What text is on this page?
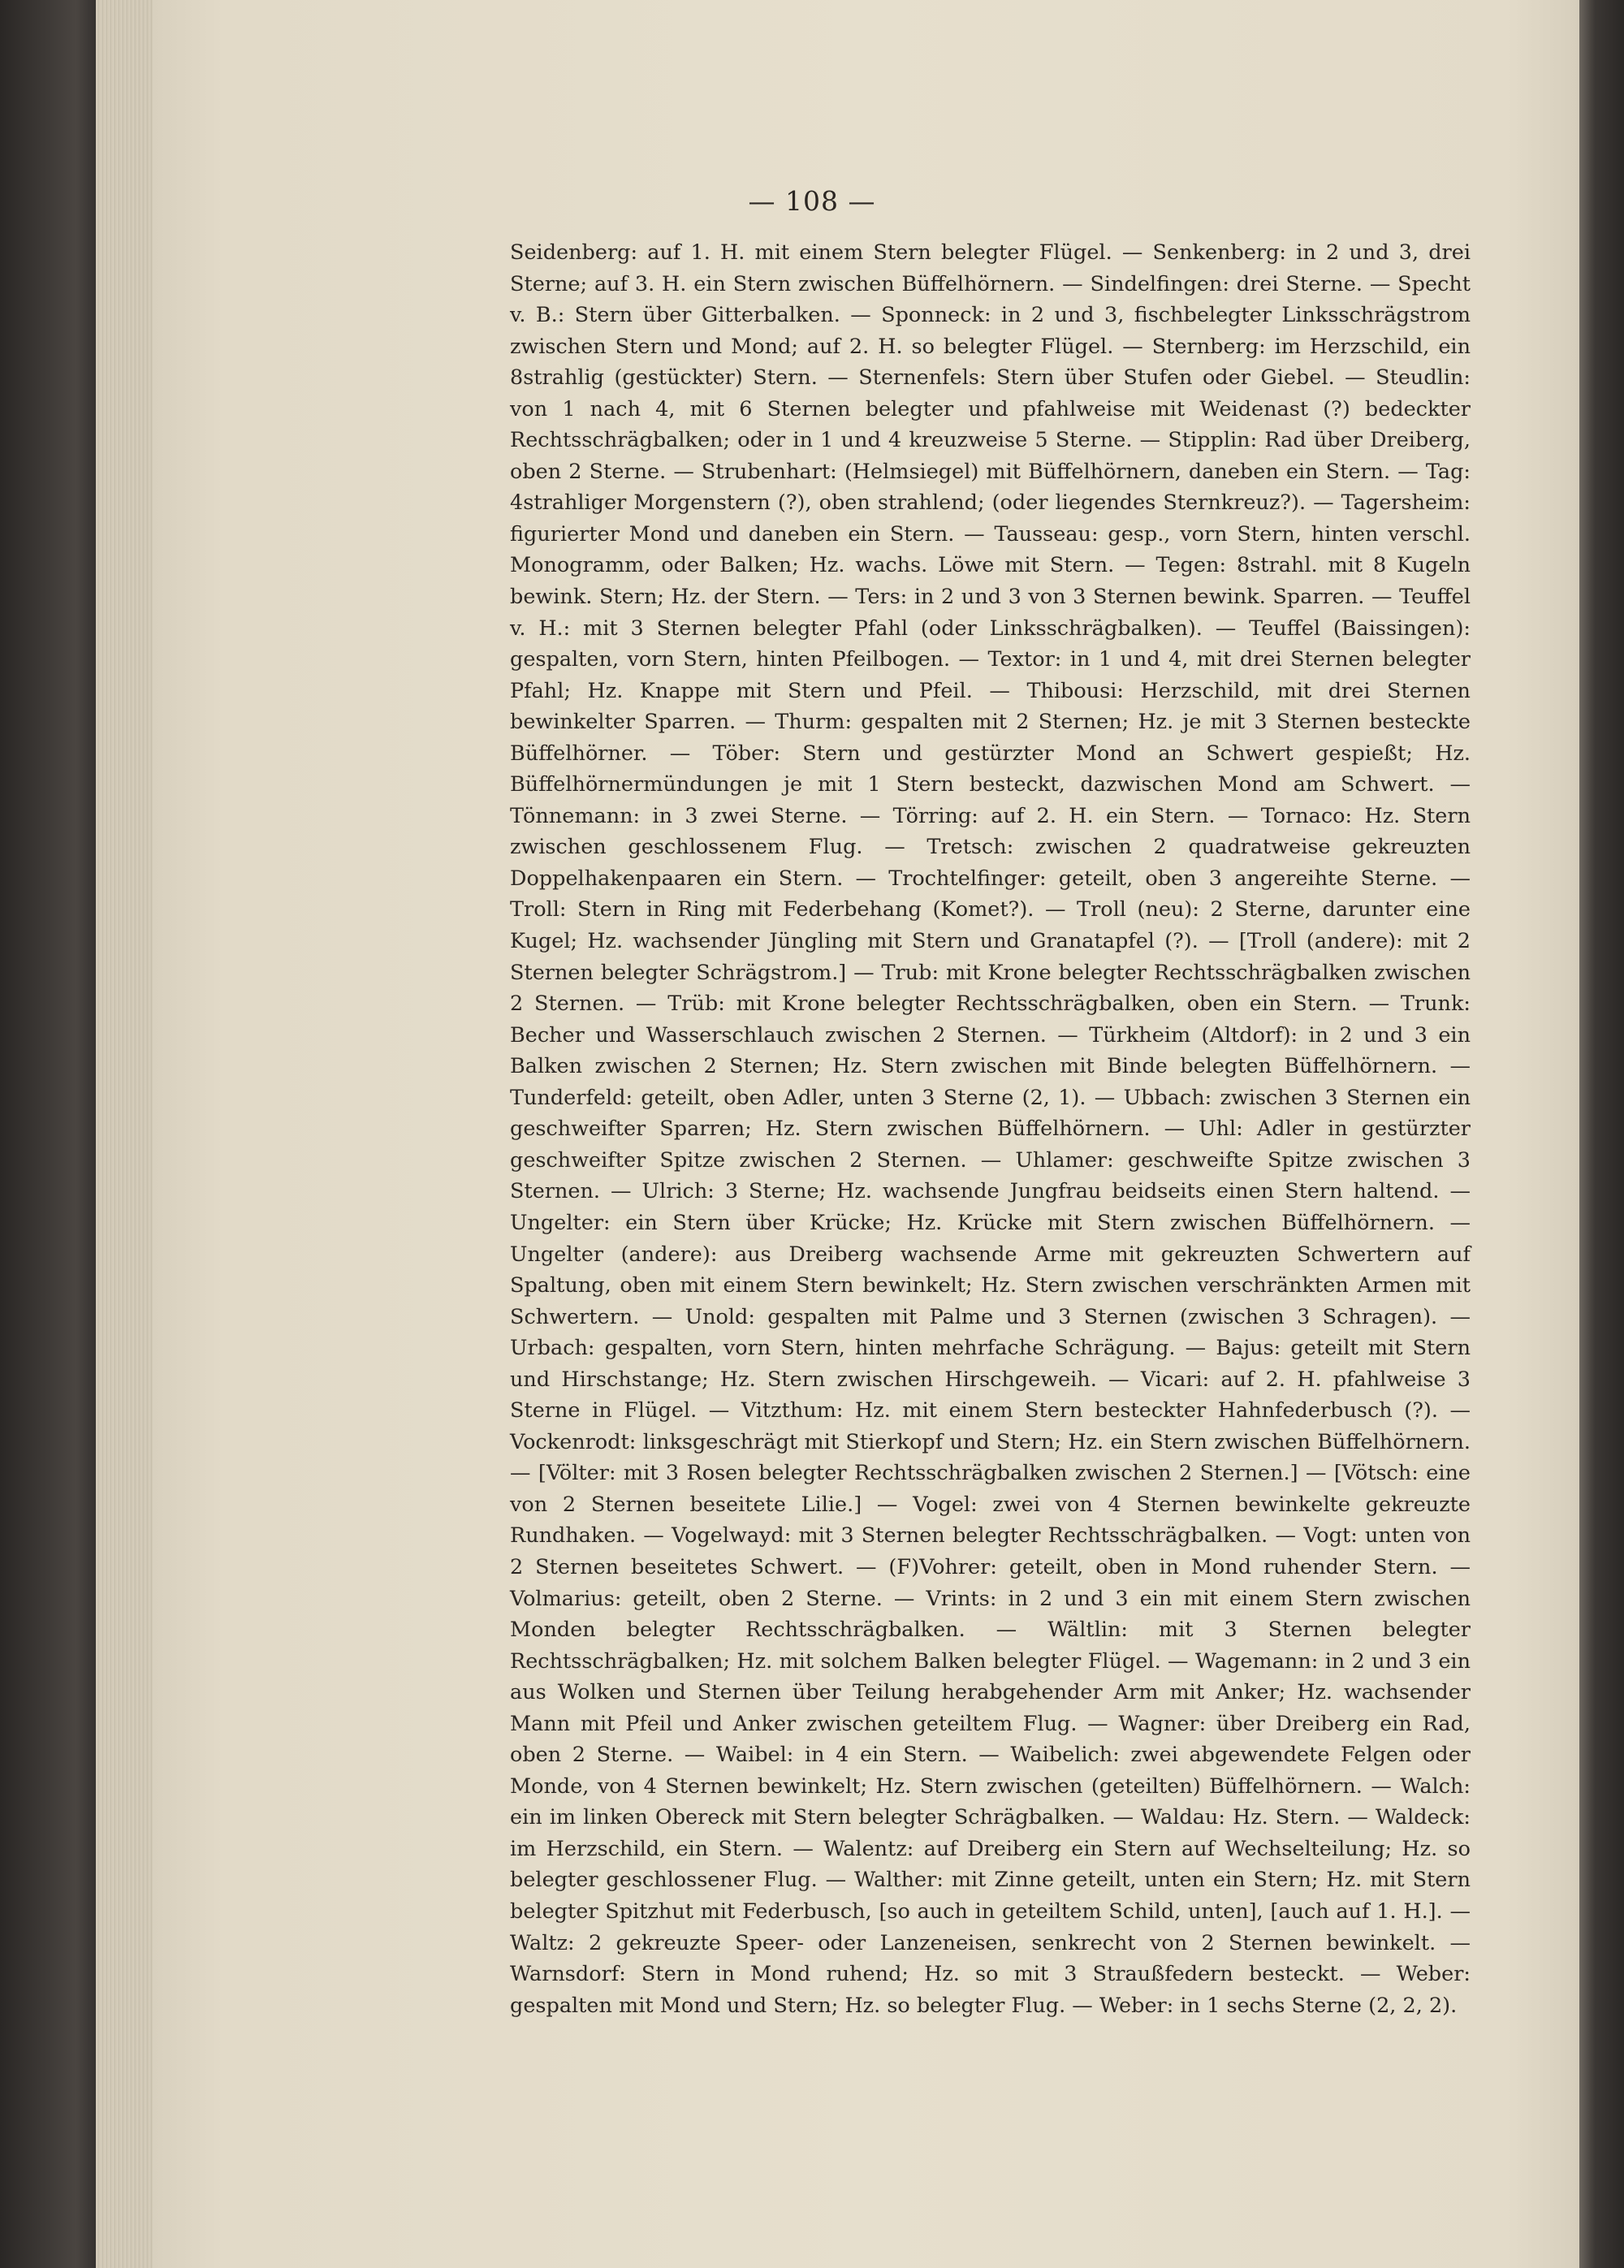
— 108 —

Seidenberg: auf 1. H. mit einem Stern belegter Flügel. — Senkenberg: in 2 und 3, drei Sterne; auf 3. H. ein Stern zwischen Büffelhörnern. — Sindelfingen: drei Sterne. — Specht v. B.: Stern über Gitterbalken. — Sponneck: in 2 und 3, fischbelegter Linksschrägstrom zwischen Stern und Mond; auf 2. H. so belegter Flügel. — Sternberg: im Herzschild, ein 8strahlig (gestückter) Stern. — Sternenfels: Stern über Stufen oder Giebel. — Steudlin: von 1 nach 4, mit 6 Sternen belegter und pfahlweise mit Weidenast (?) bedeckter Rechtsschrägbalken; oder in 1 und 4 kreuzweise 5 Sterne. — Stipplin: Rad über Dreiberg, oben 2 Sterne. — Strubenhart: (Helmsiegel) mit Büffelhörnern, daneben ein Stern. — Tag: 4strahliger Morgenstern (?), oben strahlend; (oder liegendes Sternkreuz?). — Tagersheim: figurierter Mond und daneben ein Stern. — Tausseau: gesp., vorn Stern, hinten verschl. Monogramm, oder Balken; Hz. wachs. Löwe mit Stern. — Tegen: 8strahl. mit 8 Kugeln bewink. Stern; Hz. der Stern. — Ters: in 2 und 3 von 3 Sternen bewink. Sparren. — Teuffel v. H.: mit 3 Sternen belegter Pfahl (oder Linksschrägbalken). — Teuffel (Baissingen): gespalten, vorn Stern, hinten Pfeilbogen. — Textor: in 1 und 4, mit drei Sternen belegter Pfahl; Hz. Knappe mit Stern und Pfeil. — Thibousi: Herzschild, mit drei Sternen bewinkelter Sparren. — Thurm: gespalten mit 2 Sternen; Hz. je mit 3 Sternen besteckte Büffelhörner. — Töber: Stern und gestürzter Mond an Schwert gespießt; Hz. Büffelhörnermündungen je mit 1 Stern besteckt, dazwischen Mond am Schwert. — Tönnemann: in 3 zwei Sterne. — Törring: auf 2. H. ein Stern. — Tornaco: Hz. Stern zwischen geschlossenem Flug. — Tretsch: zwischen 2 quadratweise gekreuzten Doppelhakenpaaren ein Stern. — Trochtelfinger: geteilt, oben 3 angereihte Sterne. — Troll: Stern in Ring mit Federbehang (Komet?). — Troll (neu): 2 Sterne, darunter eine Kugel; Hz. wachsender Jüngling mit Stern und Granatapfel (?). — [Troll (andere): mit 2 Sternen belegter Schrägstrom.] — Trub: mit Krone belegter Rechtsschrägbalken zwischen 2 Sternen. — Trüb: mit Krone belegter Rechtsschrägbalken, oben ein Stern. — Trunk: Becher und Wasserschlauch zwischen 2 Sternen. — Türkheim (Altdorf): in 2 und 3 ein Balken zwischen 2 Sternen; Hz. Stern zwischen mit Binde belegten Büffelhörnern. — Tunderfeld: geteilt, oben Adler, unten 3 Sterne (2, 1). — Ubbach: zwischen 3 Sternen ein geschweifter Sparren; Hz. Stern zwischen Büffelhörnern. — Uhl: Adler in gestürzter geschweifter Spitze zwischen 2 Sternen. — Uhlamer: geschweifte Spitze zwischen 3 Sternen. — Ulrich: 3 Sterne; Hz. wachsende Jungfrau beidseits einen Stern haltend. — Ungelter: ein Stern über Krücke; Hz. Krücke mit Stern zwischen Büffelhörnern. — Ungelter (andere): aus Dreiberg wachsende Arme mit gekreuzten Schwertern auf Spaltung, oben mit einem Stern bewinkelt; Hz. Stern zwischen verschränkten Armen mit Schwertern. — Unold: gespalten mit Palme und 3 Sternen (zwischen 3 Schragen). — Urbach: gespalten, vorn Stern, hinten mehrfache Schrägung. — Bajus: geteilt mit Stern und Hirschstange; Hz. Stern zwischen Hirschgeweih. — Vicari: auf 2. H. pfahlweise 3 Sterne in Flügel. — Vitzthum: Hz. mit einem Stern besteckter Hahnfederbusch (?). — Vockenrodt: linksgeschrägt mit Stierkopf und Stern; Hz. ein Stern zwischen Büffelhörnern. — [Völter: mit 3 Rosen belegter Rechtsschrägbalken zwischen 2 Sternen.] — [Vötsch: eine von 2 Sternen beseitete Lilie.] — Vogel: zwei von 4 Sternen bewinkelte gekreuzte Rundhaken. — Vogelwayd: mit 3 Sternen belegter Rechtsschrägbalken. — Vogt: unten von 2 Sternen beseitetes Schwert. — (F)Vohrer: geteilt, oben in Mond ruhender Stern. — Volmarius: geteilt, oben 2 Sterne. — Vrints: in 2 und 3 ein mit einem Stern zwischen Monden belegter Rechtsschrägbalken. — Wältlin: mit 3 Sternen belegter Rechtsschrägbalken; Hz. mit solchem Balken belegter Flügel. — Wagemann: in 2 und 3 ein aus Wolken und Sternen über Teilung herabgehender Arm mit Anker; Hz. wachsender Mann mit Pfeil und Anker zwischen geteiltem Flug. — Wagner: über Dreiberg ein Rad, oben 2 Sterne. — Waibel: in 4 ein Stern. — Waibelich: zwei abgewendete Felgen oder Monde, von 4 Sternen bewinkelt; Hz. Stern zwischen (geteilten) Büffelhörnern. — Walch: ein im linken Obereck mit Stern belegter Schrägbalken. — Waldau: Hz. Stern. — Waldeck: im Herzschild, ein Stern. — Walentz: auf Dreiberg ein Stern auf Wechselteilung; Hz. so belegter geschlossener Flug. — Walther: mit Zinne geteilt, unten ein Stern; Hz. mit Stern belegter Spitzhut mit Federbusch, [so auch in geteiltem Schild, unten], [auch auf 1. H.]. — Waltz: 2 gekreuzte Speer- oder Lanzeneisen, senkrecht von 2 Sternen bewinkelt. — Warnsdorf: Stern in Mond ruhend; Hz. so mit 3 Straußfedern besteckt. — Weber: gespalten mit Mond und Stern; Hz. so belegter Flug. — Weber: in 1 sechs Sterne (2, 2, 2).
